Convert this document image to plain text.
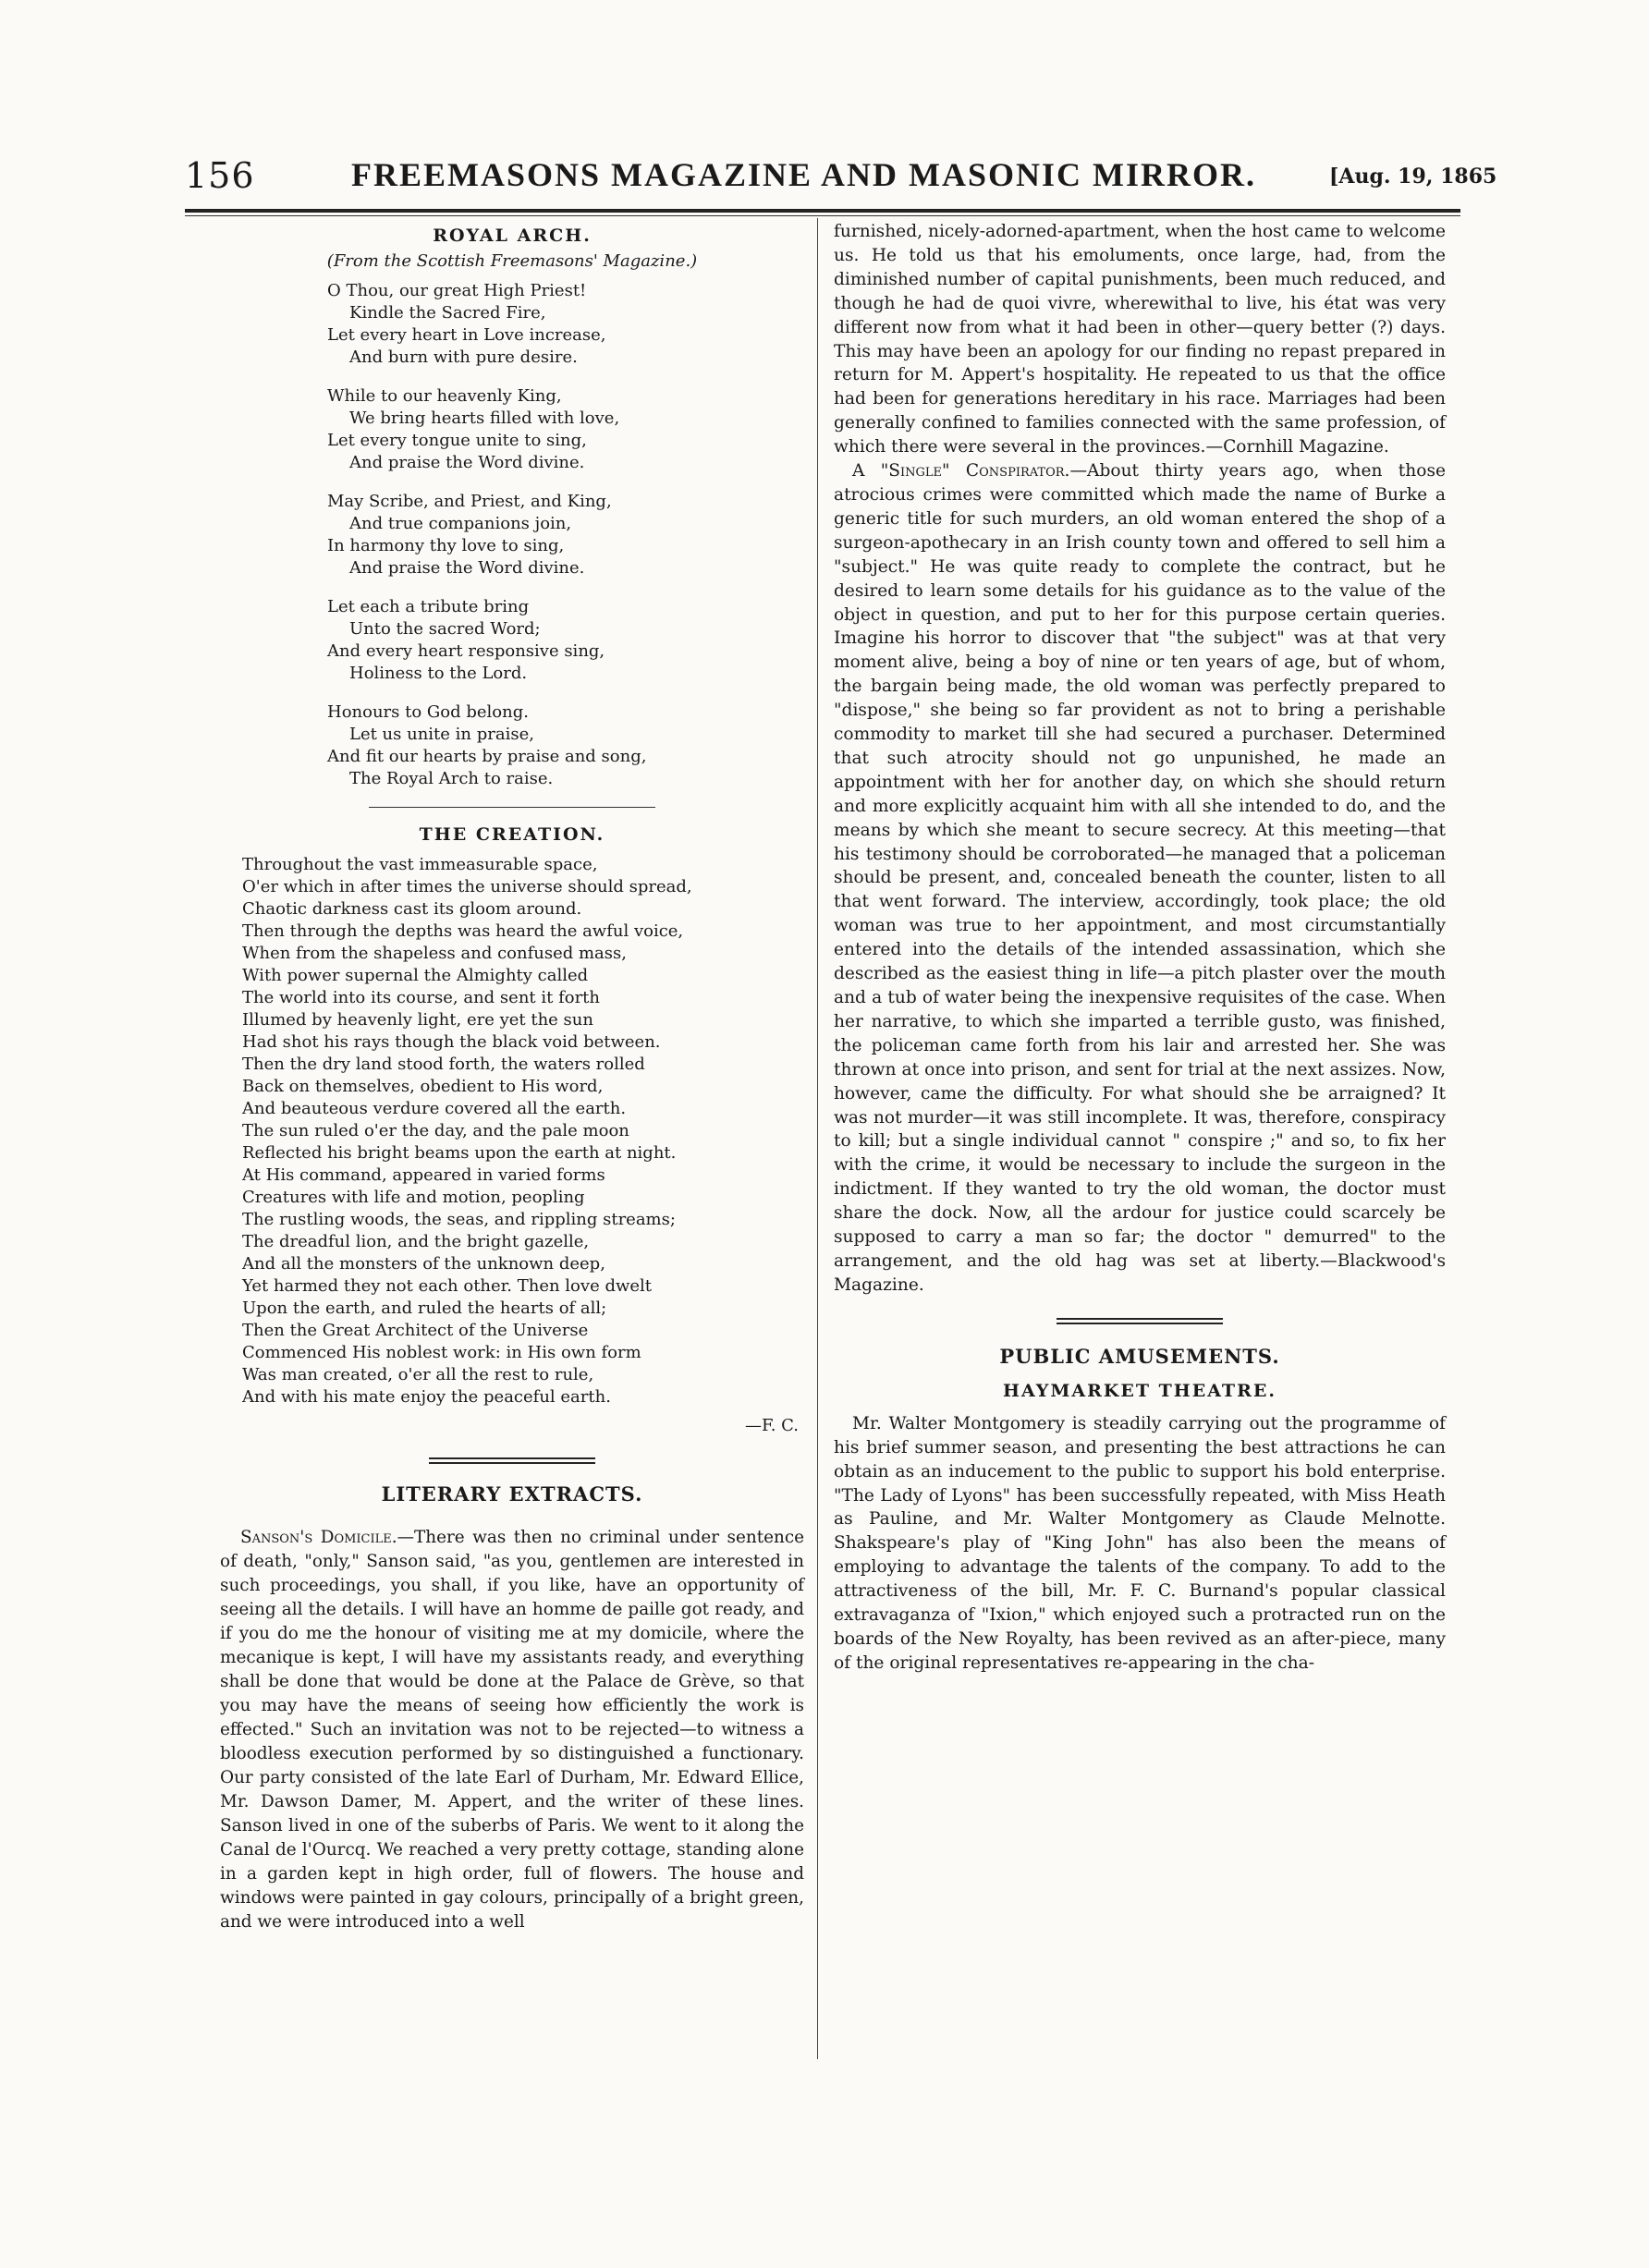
156	FREEMASONS MAGAZINE AND MASONIC MIRROR.	[Aug. 19, 1865
ROYAL ARCH.
(From the Scottish Freemasons' Magazine.)
O Thou, our great High Priest!
Kindle the Sacred Fire,
Let every heart in Love increase,
And burn with pure desire.
While to our heavenly King,
We bring hearts filled with love,
Let every tongue unite to sing,
And praise the Word divine.
May Scribe, and Priest, and King,
And true companions join,
In harmony thy love to sing,
And praise the Word divine.
Let each a tribute bring
Unto the sacred Word;
And every heart responsive sing,
Holiness to the Lord.
Honours to God belong.
Let us unite in praise,
And fit our hearts by praise and song,
The Royal Arch to raise.
THE CREATION.
Throughout the vast immeasurable space,
O'er which in after times the universe should spread,
Chaotic darkness cast its gloom around.
Then through the depths was heard the awful voice,
When from the shapeless and confused mass,
With power supernal the Almighty called
The world into its course, and sent it forth
Illumed by heavenly light, ere yet the sun
Had shot his rays though the black void between.
Then the dry land stood forth, the waters rolled
Back on themselves, obedient to His word,
And beauteous verdure covered all the earth.
The sun ruled o'er the day, and the pale moon
Reflected his bright beams upon the earth at night.
At His command, appeared in varied forms
Creatures with life and motion, peopling
The rustling woods, the seas, and rippling streams;
The dreadful lion, and the bright gazelle,
And all the monsters of the unknown deep,
Yet harmed they not each other. Then love dwelt
Upon the earth, and ruled the hearts of all;
Then the Great Architect of the Universe
Commenced His noblest work: in His own form
Was man created, o'er all the rest to rule,
And with his mate enjoy the peaceful earth.
—F. C.
LITERARY EXTRACTS.

Sanson's Domicile.—There was then no criminal under sentence of death, "only," Sanson said, "as you, gentlemen are interested in such proceedings, you shall, if you like, have an opportunity of seeing all the details. I will have an homme de paille got ready, and if you do me the honour of visiting me at my domicile, where the mecanique is kept, I will have my assistants ready, and everything shall be done that would be done at the Palace de Grève, so that you may have the means of seeing how efficiently the work is effected." Such an invitation was not to be rejected—to witness a bloodless execution performed by so distinguished a functionary. Our party consisted of the late Earl of Durham, Mr. Edward Ellice, Mr. Dawson Damer, M. Appert, and the writer of these lines. Sanson lived in one of the suberbs of Paris. We went to it along the Canal de l'Ourcq. We reached a very pretty cottage, standing alone in a garden kept in high order, full of flowers. The house and windows were painted in gay colours, principally of a bright green, and we were introduced into a well

furnished, nicely-adorned-apartment, when the host came to welcome us. He told us that his emoluments, once large, had, from the diminished number of capital punishments, been much reduced, and though he had de quoi vivre, wherewithal to live, his état was very different now from what it had been in other—query better (?) days. This may have been an apology for our finding no repast prepared in return for M. Appert's hospitality. He repeated to us that the office had been for generations hereditary in his race. Marriages had been generally confined to families connected with the same profession, of which there were several in the provinces.—Cornhill Magazine.

A "Single" Conspirator.—About thirty years ago, when those atrocious crimes were committed which made the name of Burke a generic title for such murders, an old woman entered the shop of a surgeon-apothecary in an Irish county town and offered to sell him a "subject." He was quite ready to complete the contract, but he desired to learn some details for his guidance as to the value of the object in question, and put to her for this purpose certain queries. Imagine his horror to discover that "the subject" was at that very moment alive, being a boy of nine or ten years of age, but of whom, the bargain being made, the old woman was perfectly prepared to "dispose," she being so far provident as not to bring a perishable commodity to market till she had secured a purchaser. Determined that such atrocity should not go unpunished, he made an appointment with her for another day, on which she should return and more explicitly acquaint him with all she intended to do, and the means by which she meant to secure secrecy. At this meeting—that his testimony should be corroborated—he managed that a policeman should be present, and, concealed beneath the counter, listen to all that went forward. The interview, accordingly, took place; the old woman was true to her appointment, and most circumstantially entered into the details of the intended assassination, which she described as the easiest thing in life—a pitch plaster over the mouth and a tub of water being the inexpensive requisites of the case. When her narrative, to which she imparted a terrible gusto, was finished, the policeman came forth from his lair and arrested her. She was thrown at once into prison, and sent for trial at the next assizes. Now, however, came the difficulty. For what should she be arraigned? It was not murder—it was still incomplete. It was, therefore, conspiracy to kill; but a single individual cannot " conspire ;" and so, to fix her with the crime, it would be necessary to include the surgeon in the indictment. If they wanted to try the old woman, the doctor must share the dock. Now, all the ardour for justice could scarcely be supposed to carry a man so far; the doctor " demurred" to the arrangement, and the old hag was set at liberty.—Blackwood's Magazine.

PUBLIC AMUSEMENTS.
HAYMARKET THEATRE.

Mr. Walter Montgomery is steadily carrying out the programme of his brief summer season, and presenting the best attractions he can obtain as an inducement to the public to support his bold enterprise. "The Lady of Lyons" has been successfully repeated, with Miss Heath as Pauline, and Mr. Walter Montgomery as Claude Melnotte. Shakspeare's play of "King John" has also been the means of employing to advantage the talents of the company. To add to the attractiveness of the bill, Mr. F. C. Burnand's popular classical extravaganza of "Ixion," which enjoyed such a protracted run on the boards of the New Royalty, has been revived as an after-piece, many of the original representatives re-appearing in the cha-
